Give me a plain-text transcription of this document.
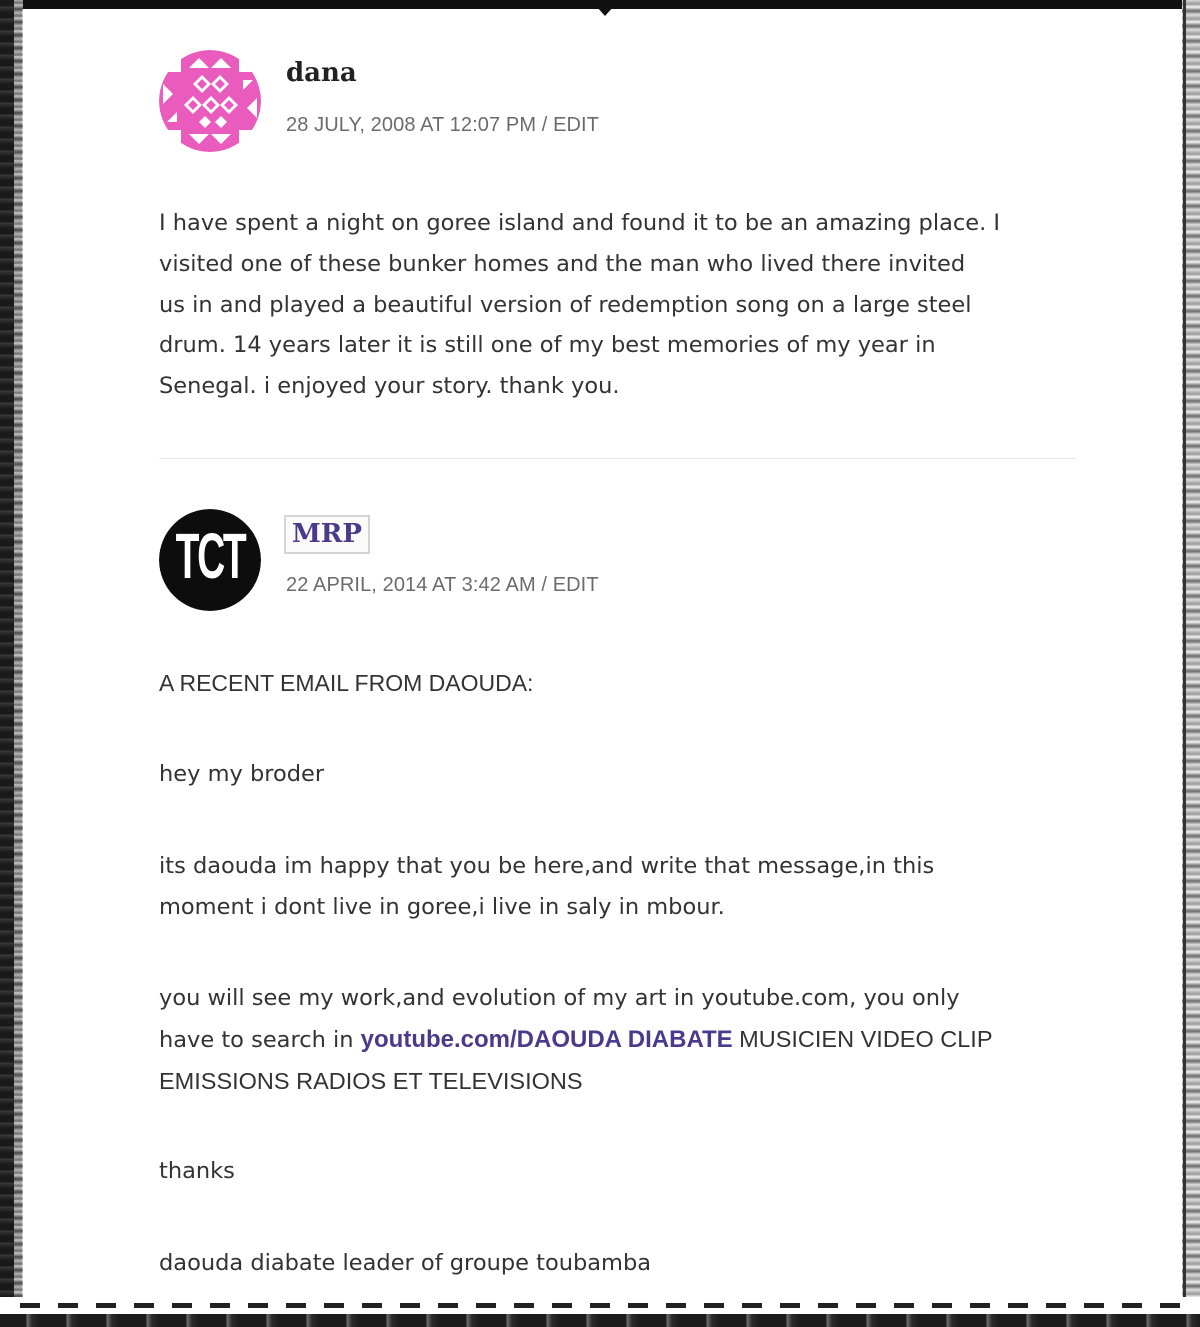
dana
28 JULY, 2008 AT 12:07 PM / EDIT
I have spent a night on goree island and found it to be an amazing place. I
visited one of these bunker homes and the man who lived there invited
us in and played a beautiful version of redemption song on a large steel
drum. 14 years later it is still one of my best memories of my year in
Senegal. i enjoyed your story. thank you.
TCT	MRP
22 APRIL, 2014 AT 3:42 AM / EDIT
A RECENT EMAIL FROM DAOUDA:
hey my broder
its daouda im happy that you be here,and write that message,in this
moment i dont live in goree,i live in saly in mbour.
you will see my work,and evolution of my art in youtube.com, you only
have to search in youtube.com/DAOUDA DIABATE MUSICIEN VIDEO CLIP
EMISSIONS RADIOS ET TELEVISIONS
thanks
daouda diabate leader of groupe toubamba
